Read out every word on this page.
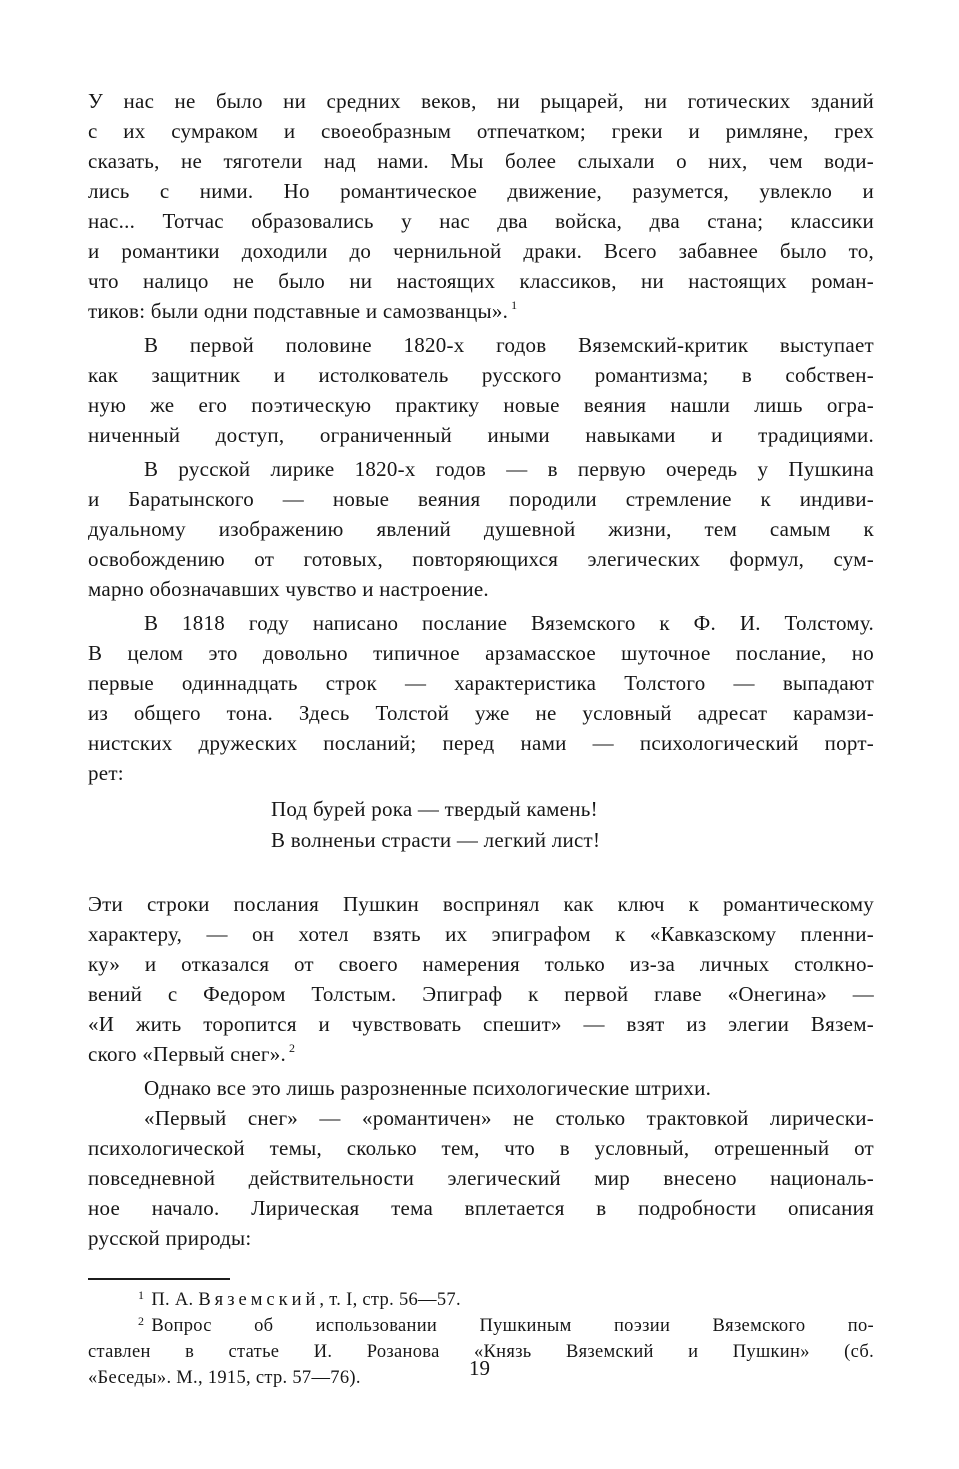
У нас не было ни средних веков, ни рыцарей, ни готических зданий
с их сумраком и своеобразным отпечатком; греки и римляне, грех
сказать, не тяготели над нами. Мы более слыхали о них, чем води-
лись с ними. Но романтическое движение, разумется, увлекло и
нас... Тотчас образовались у нас два войска, два стана; классики
и романтики доходили до чернильной драки. Всего забавнее было то,
что налицо не было ни настоящих классиков, ни настоящих роман-
тиков: были одни подставные и самозванцы». $^1$
В первой половине 1820-х годов Вяземский-критик выступает
как защитник и истолкователь русского романтизма; в собствен-
ную же его поэтическую практику новые веяния нашли лишь огра-
ниченный доступ, ограниченный иными навыками и традициями.
В русской лирике 1820-х годов — в первую очередь у Пушкина
и Баратынского — новые веяния породили стремление к индиви-
дуальному изображению явлений душевной жизни, тем самым к
освобождению от готовых, повторяющихся элегических формул, сум-
марно обозначавших чувство и настроение.
В 1818 году написано послание Вяземского к Ф. И. Толстому.
В целом это довольно типичное арзамасское шуточное послание, но
первые одиннадцать строк — характеристика Толстого — выпадают
из общего тона. Здесь Толстой уже не условный адресат карамзи-
нистских дружеских посланий; перед нами — психологический порт-
рет:
Под бурей рока — твердый камень!
В волненьи страсти — легкий лист!
Эти строки послания Пушкин воспринял как ключ к романтическому
характеру, — он хотел взять их эпиграфом к «Кавказскому пленни-
ку» и отказался от своего намерения только из-за личных столкно-
вений с Федором Толстым. Эпиграф к первой главе «Онегина» —
«И жить торопится и чувствовать спешит» — взят из элегии Вязем-
ского «Первый снег». $^2$
Однако все это лишь разрозненные психологические штрихи.
«Первый снег» — «романтичен» не столько трактовкой лирически-
психологической темы, сколько тем, что в условный, отрешенный от
повседневной действительности элегический мир внесено националь-
ное начало. Лирическая тема вплетается в подробности описания
русской природы:
$^1$ П. А. Вяземский, т. I, стр. 56—57.
$^2$ Вопрос об использовании Пушкиным поэзии Вяземского по-
ставлен в статье И. Розанова «Князь Вяземский и Пушкин» (сб.
«Беседы». М., 1915, стр. 57—76).	19
